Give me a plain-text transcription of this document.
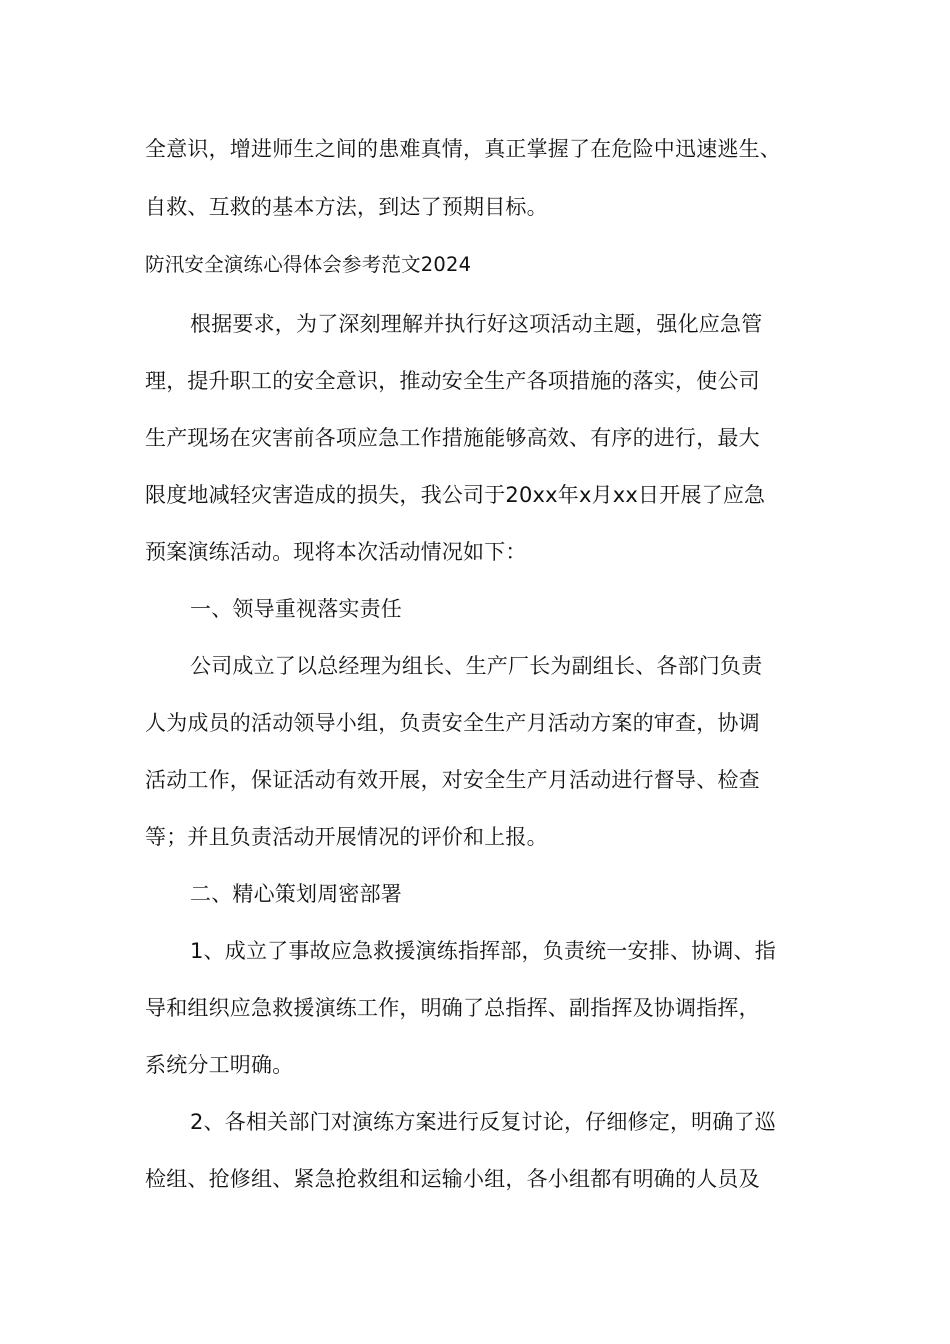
全意识，增进师生之间的患难真情，真正掌握了在危险中迅速逃生、
自救、互救的基本方法，到达了预期目标。
防汛安全演练心得体会参考范文2024
根据要求，为了深刻理解并执行好这项活动主题，强化应急管
理，提升职工的安全意识，推动安全生产各项措施的落实，使公司
生产现场在灾害前各项应急工作措施能够高效、有序的进行，最大
限度地减轻灾害造成的损失，我公司于20xx年x月xx日开展了应急
预案演练活动。现将本次活动情况如下：
一、领导重视落实责任
公司成立了以总经理为组长、生产厂长为副组长、各部门负责
人为成员的活动领导小组，负责安全生产月活动方案的审查，协调
活动工作，保证活动有效开展，对安全生产月活动进行督导、检查
等；并且负责活动开展情况的评价和上报。
二、精心策划周密部署
1、成立了事故应急救援演练指挥部，负责统一安排、协调、指
导和组织应急救援演练工作，明确了总指挥、副指挥及协调指挥，
系统分工明确。
2、各相关部门对演练方案进行反复讨论，仔细修定，明确了巡
检组、抢修组、紧急抢救组和运输小组，各小组都有明确的人员及
